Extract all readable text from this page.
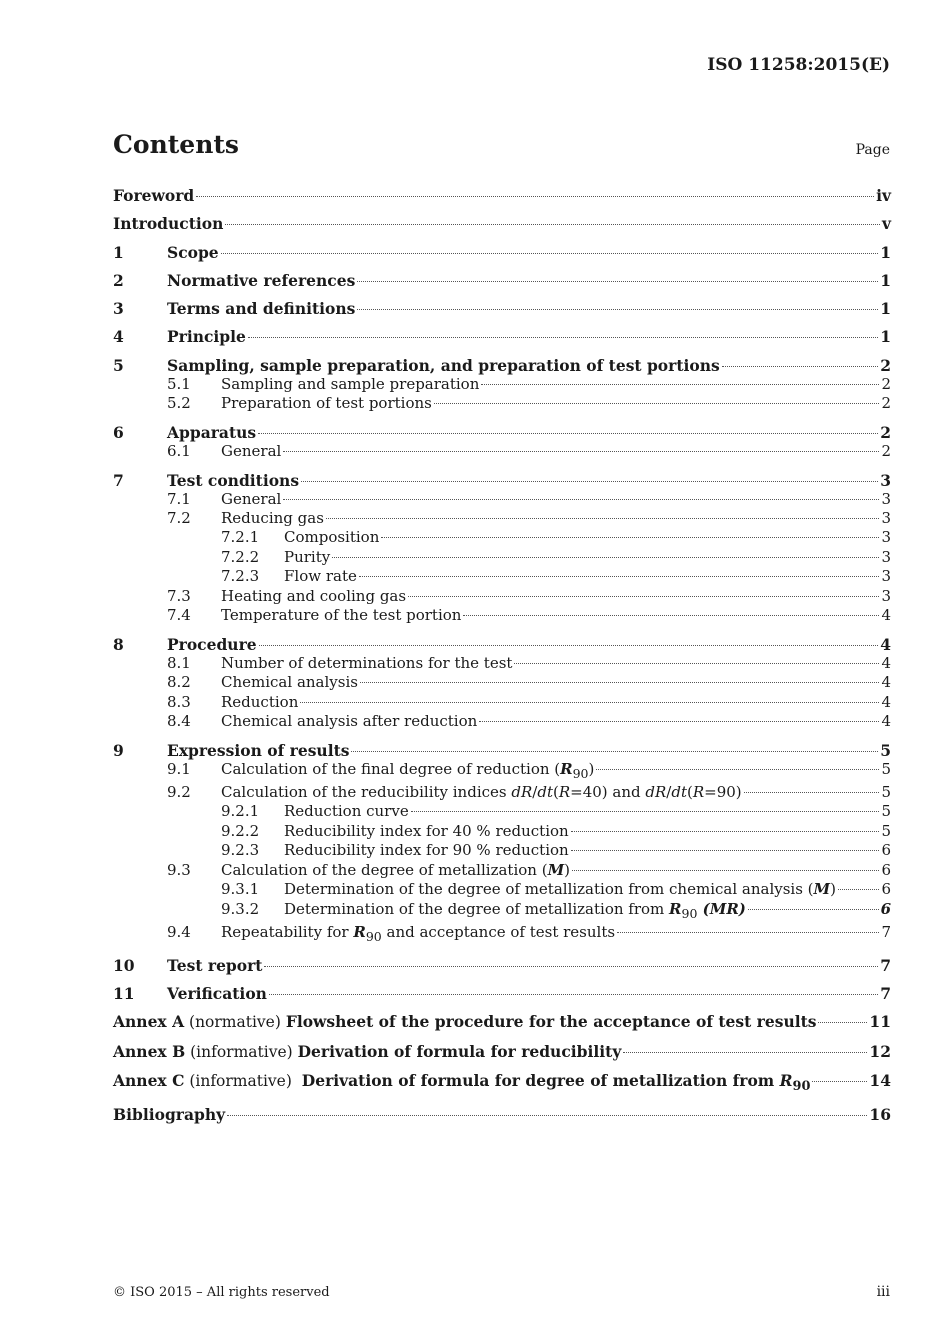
ISO 11258:2015(E)
Contents	Page
Foreword	iv
Introduction	v
1	Scope	1
2	Normative references	1
3	Terms and definitions	1
4	Principle	1
5	Sampling, sample preparation, and preparation of test portions	2
5.1	Sampling and sample preparation	2
5.2	Preparation of test portions	2
6	Apparatus	2
6.1	General	2
7	Test conditions	3
7.1	General	3
7.2	Reducing gas	3
7.2.1	Composition	3
7.2.2	Purity	3
7.2.3	Flow rate	3
7.3	Heating and cooling gas	3
7.4	Temperature of the test portion	4
8	Procedure	4
8.1	Number of determinations for the test	4
8.2	Chemical analysis	4
8.3	Reduction	4
8.4	Chemical analysis after reduction	4
9	Expression of results	5
9.1	Calculation of the final degree of reduction $(R_{90})$	5
9.2	Calculation of the reducibility indices dR/dt(R=40) and dR/dt(R=90)	5
9.2.1	Reduction curve	5
9.2.2	Reducibility index for 40 % reduction	5
9.2.3	Reducibility index for 90 % reduction	6
9.3	Calculation of the degree of metallization (M)	6
9.3.1	Determination of the degree of metallization from chemical analysis (M)	6
9.3.2	Determination of the degree of metallization from $R_{90}$ (MR)	6
9.4	Repeatability for $R_{90}$ and acceptance of test results	7
10	Test report	7
11	Verification	7
Annex A (normative) Flowsheet of the procedure for the acceptance of test results	11
Annex B (informative) Derivation of formula for reducibility	12
Annex C (informative)  Derivation of formula for degree of metallization from $R_{90}$	14
Bibliography	16
© ISO 2015 – All rights reserved	iii
